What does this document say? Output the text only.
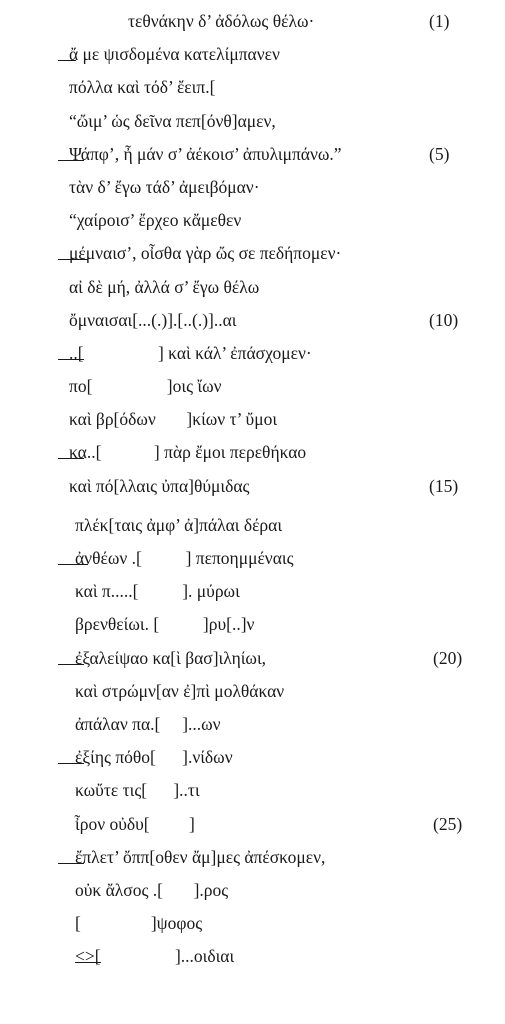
τεθνάκην δ’ ἀδόλως θέλω·	(1)
ἄ με ψισδομένα κατελίμπανεν
πόλλα καὶ τόδ’ ἔειπ.[
“ὤιμ’ ὡς δεῖνα πεπ[όνθ]αμεν,
Ψάπφ’, ἦ μάν σ’ ἀέκοισ’ ἀπυλιμπάνω.”	(5)
τὰν δ’ ἔγω τάδ’ ἀμειβόμαν·
“χαίροισ’ ἔρχεο κἄμεθεν
μέμναισ’, οἶσθα γὰρ ὤς σε πεδήπομεν·
αἰ δὲ μή, ἀλλά σ’ ἔγω θέλω
ὄμναισαι[...(.)].[..(.)]..αι	(10)
..[                 ] καὶ κάλ’ ἐπάσχομεν·
πο[                 ]οις ἴων
καὶ βρ[όδων       ]κίων τ’ ὔμοι
κα..[            ] πὰρ ἔμοι περεθήκαο
καὶ πό[λλαις ὐπα]θύμιδας	(15)
πλέκ[ταις ἀμφ’ ἀ]πάλαι δέραι
ἀνθέων .[          ] πεποημμέναις
καὶ π.....[          ]. μύρωι
βρενθείωι. [          ]ρυ[..]ν
ἐξαλείψαο κα[ὶ βασ]ιληίωι,	(20)
καὶ στρώμν[αν ἐ]πὶ μολθάκαν
ἀπάλαν πα.[     ]...ων
ἐξίης πόθο[      ].νίδων
κωὔτε τις[      ]..τι
ἶρον οὐδυ[         ]	(25)
ἔπλετ’ ὄππ[οθεν ἄμ]μες ἀπέσκομεν,
οὐκ ἄλσος .[       ].ρος
[                ]ψοφος
<>[                 ]...οιδιαι
